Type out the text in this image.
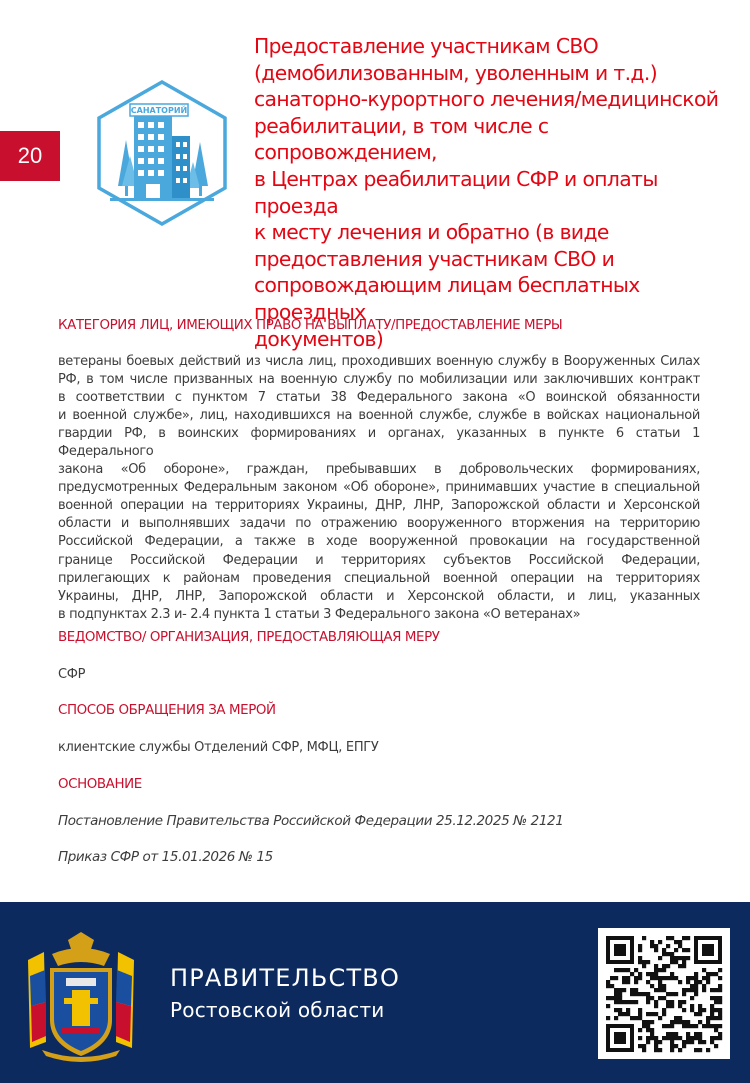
20
САНАТОРИЙ
Предоставление участникам СВО
(демобилизованным, уволенным и т.д.)
санаторно-курортного лечения/медицинской
реабилитации, в том числе с сопровождением,
в Центрах реабилитации СФР и оплаты проезда
к месту лечения и обратно (в виде
предоставления участникам СВО и
сопровождающим лицам бесплатных проездных
документов)
КАТЕГОРИЯ ЛИЦ, ИМЕЮЩИХ ПРАВО НА ВЫПЛАТУ/ПРЕДОСТАВЛЕНИЕ МЕРЫ
ветераны боевых действий из числа лиц, проходивших военную службу в Вооруженных Силах
РФ, в том числе призванных на военную службу по мобилизации или заключивших контракт
в соответствии с пунктом 7 статьи 38 Федерального закона «О воинской обязанности
и военной службе», лиц, находившихся на военной службе, службе в войсках национальной
гвардии РФ, в воинских формированиях и органах, указанных в пункте 6 статьи 1 Федерального
закона «Об обороне», граждан, пребывавших в добровольческих формированиях,
предусмотренных Федеральным законом «Об обороне», принимавших участие в специальной
военной операции на территориях Украины, ДНР, ЛНР, Запорожской области и Херсонской
области и выполнявших задачи по отражению вооруженного вторжения на территорию
Российской Федерации, а также в ходе вооруженной провокации на государственной
границе Российской Федерации и территориях субъектов Российской Федерации,
прилегающих к районам проведения специальной военной операции на территориях
Украины, ДНР, ЛНР, Запорожской области и Херсонской области, и лиц, указанных
в подпунктах 2.3 и- 2.4 пункта 1 статьи 3 Федерального закона «О ветеранах»
ВЕДОМСТВО/ ОРГАНИЗАЦИЯ, ПРЕДОСТАВЛЯЮЩАЯ МЕРУ
СФР
СПОСОБ ОБРАЩЕНИЯ ЗА МЕРОЙ
клиентские службы Отделений СФР, МФЦ, ЕПГУ
ОСНОВАНИЕ
Постановление Правительства Российской Федерации 25.12.2025 № 2121
Приказ СФР от 15.01.2026 № 15
ПРАВИТЕЛЬСТВО
Ростовской области
